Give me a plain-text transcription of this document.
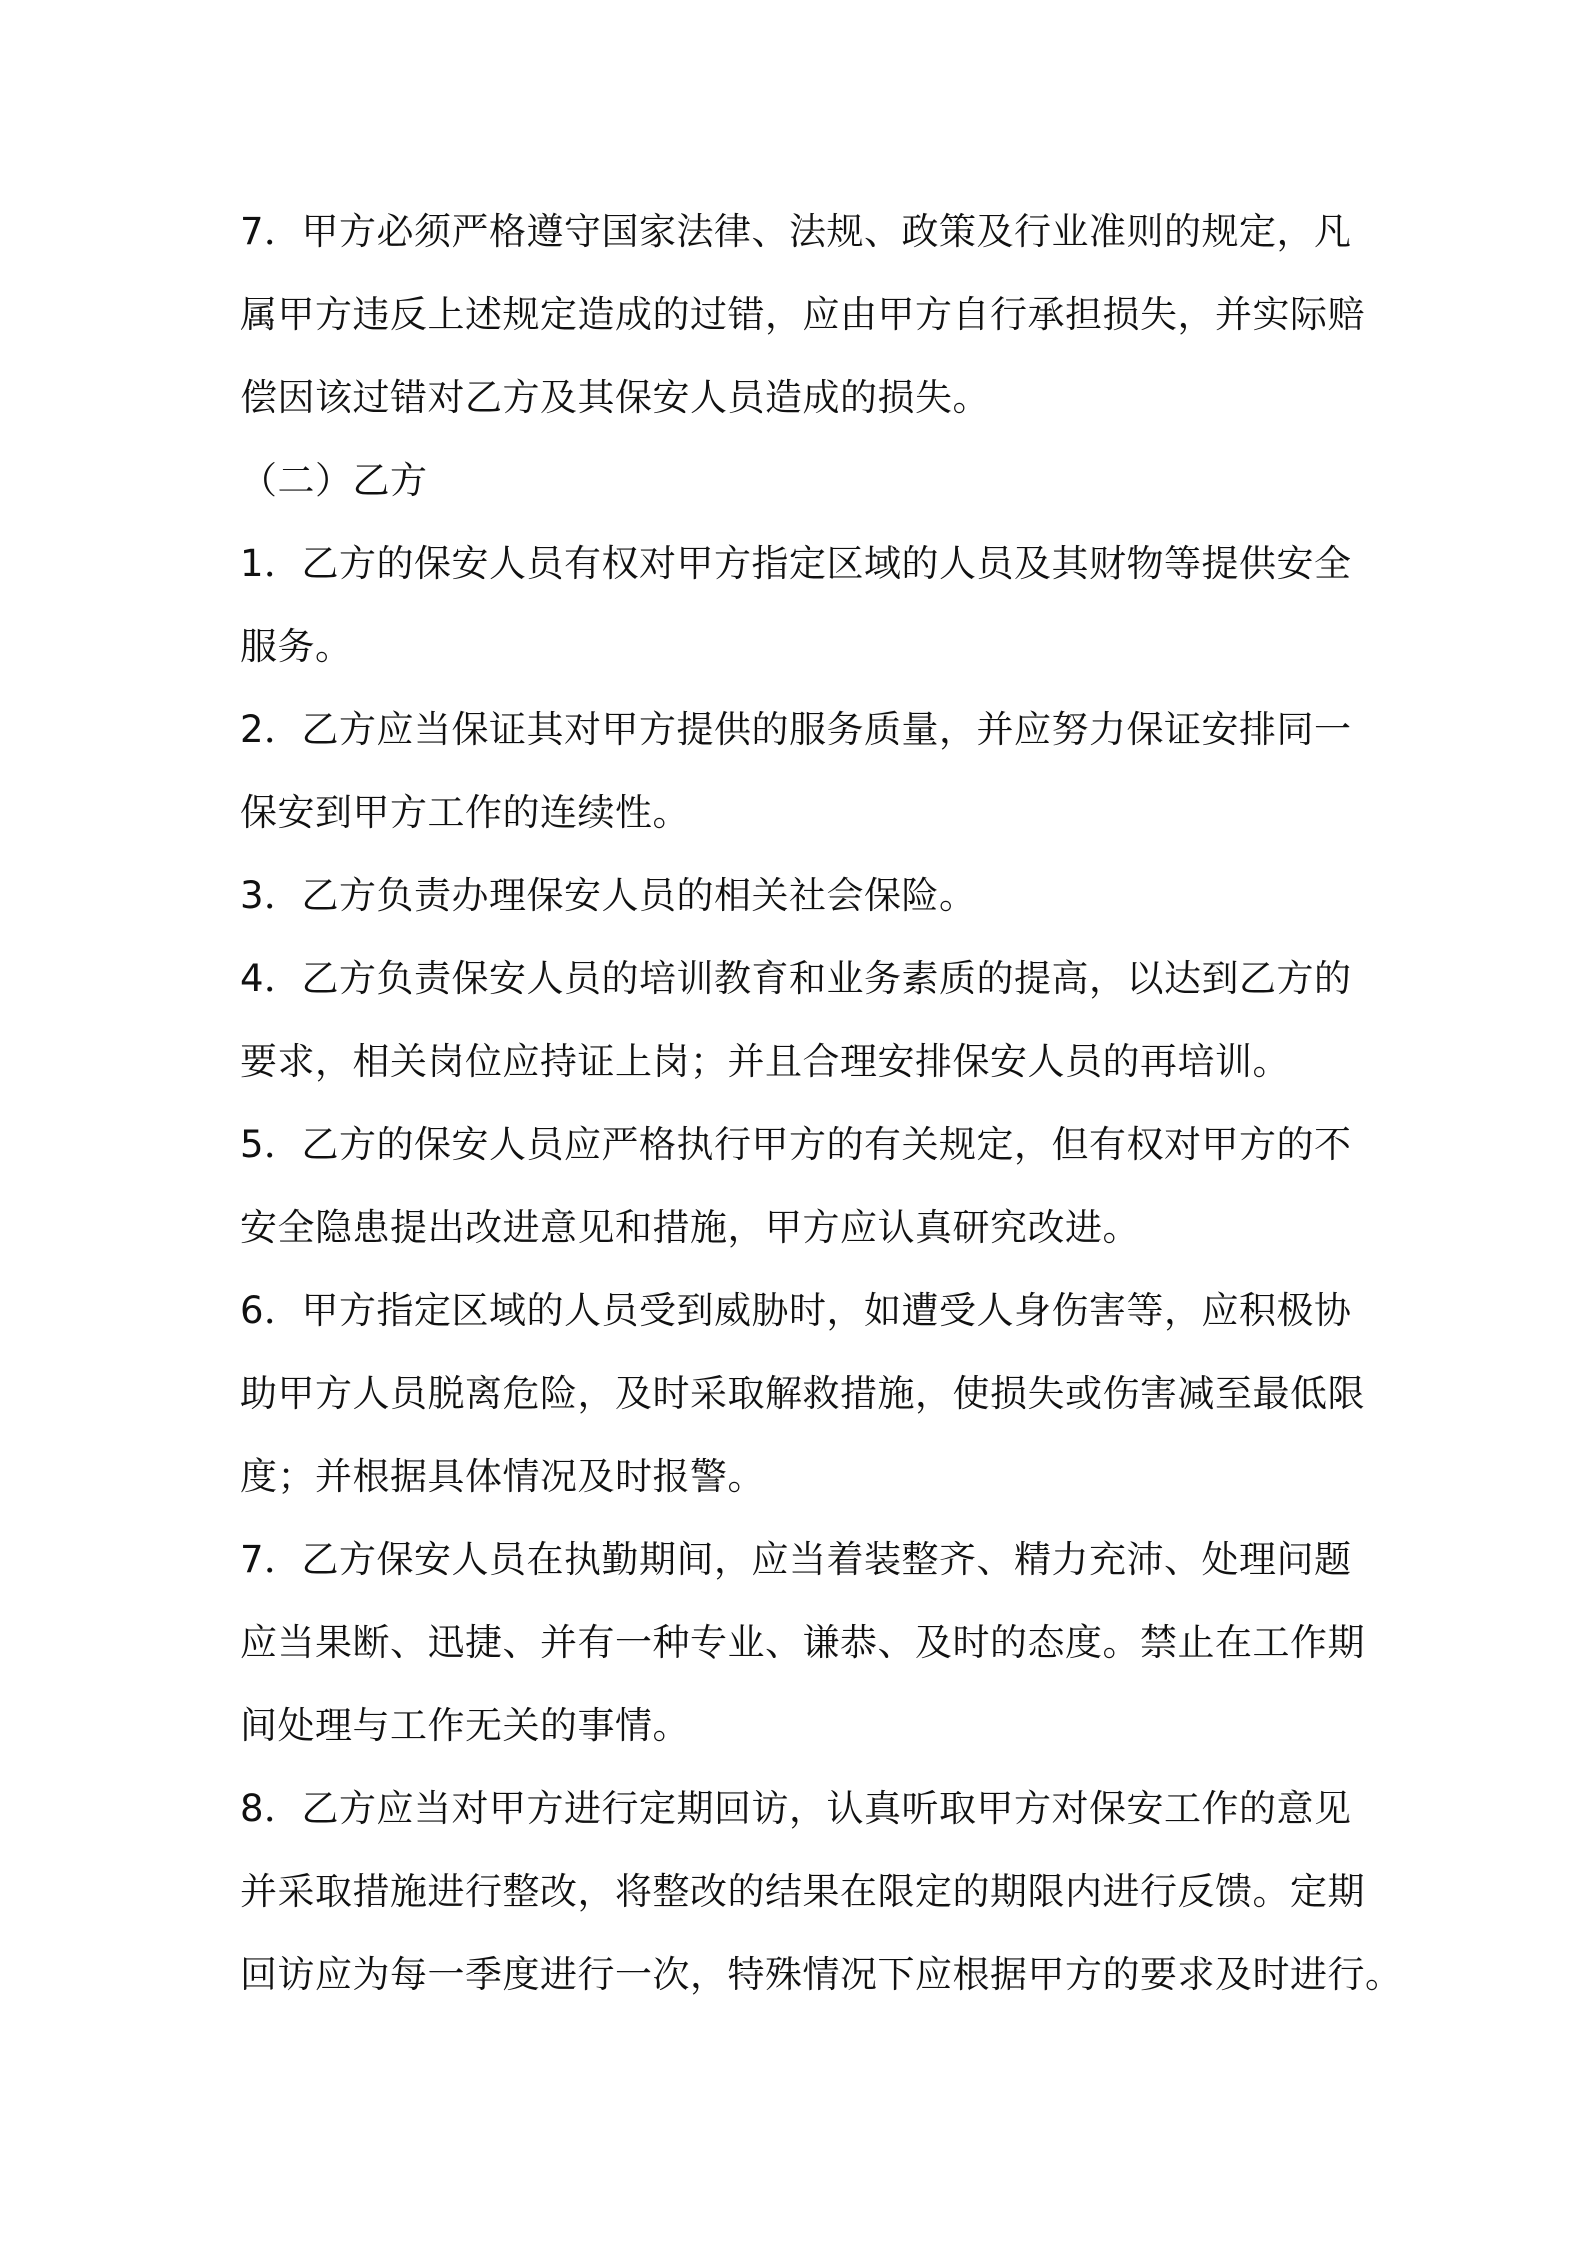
7．甲方必须严格遵守国家法律、法规、政策及行业准则的规定，凡
属甲方违反上述规定造成的过错，应由甲方自行承担损失，并实际赔
偿因该过错对乙方及其保安人员造成的损失。
（二）乙方
1．乙方的保安人员有权对甲方指定区域的人员及其财物等提供安全
服务。
2．乙方应当保证其对甲方提供的服务质量，并应努力保证安排同一
保安到甲方工作的连续性。
3．乙方负责办理保安人员的相关社会保险。
4．乙方负责保安人员的培训教育和业务素质的提高，以达到乙方的
要求，相关岗位应持证上岗；并且合理安排保安人员的再培训。
5．乙方的保安人员应严格执行甲方的有关规定，但有权对甲方的不
安全隐患提出改进意见和措施，甲方应认真研究改进。
6．甲方指定区域的人员受到威胁时，如遭受人身伤害等，应积极协
助甲方人员脱离危险，及时采取解救措施，使损失或伤害减至最低限
度；并根据具体情况及时报警。
7．乙方保安人员在执勤期间，应当着装整齐、精力充沛、处理问题
应当果断、迅捷、并有一种专业、谦恭、及时的态度。禁止在工作期
间处理与工作无关的事情。
8．乙方应当对甲方进行定期回访，认真听取甲方对保安工作的意见
并采取措施进行整改，将整改的结果在限定的期限内进行反馈。定期
回访应为每一季度进行一次，特殊情况下应根据甲方的要求及时进行。
